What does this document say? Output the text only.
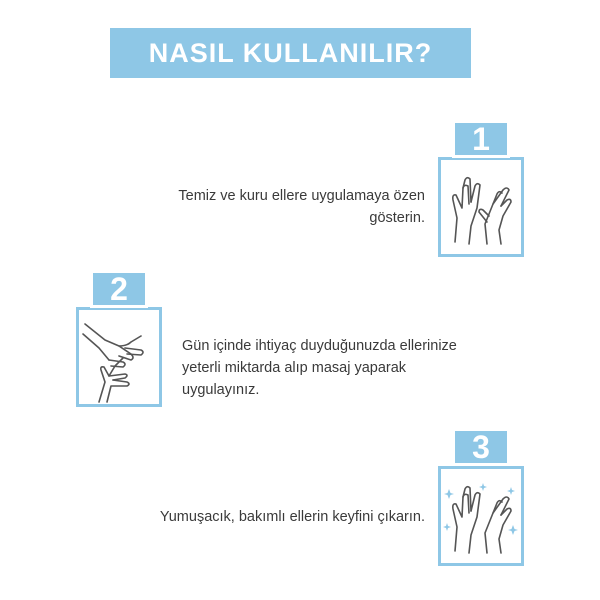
NASIL KULLANILIR?
1
Temiz ve kuru ellere uygulamaya özen gösterin.
2
Gün içinde ihtiyaç duyduğunuzda ellerinize yeterli miktarda alıp masaj yaparak uygulayınız.
3
Yumuşacık, bakımlı ellerin keyfini çıkarın.
